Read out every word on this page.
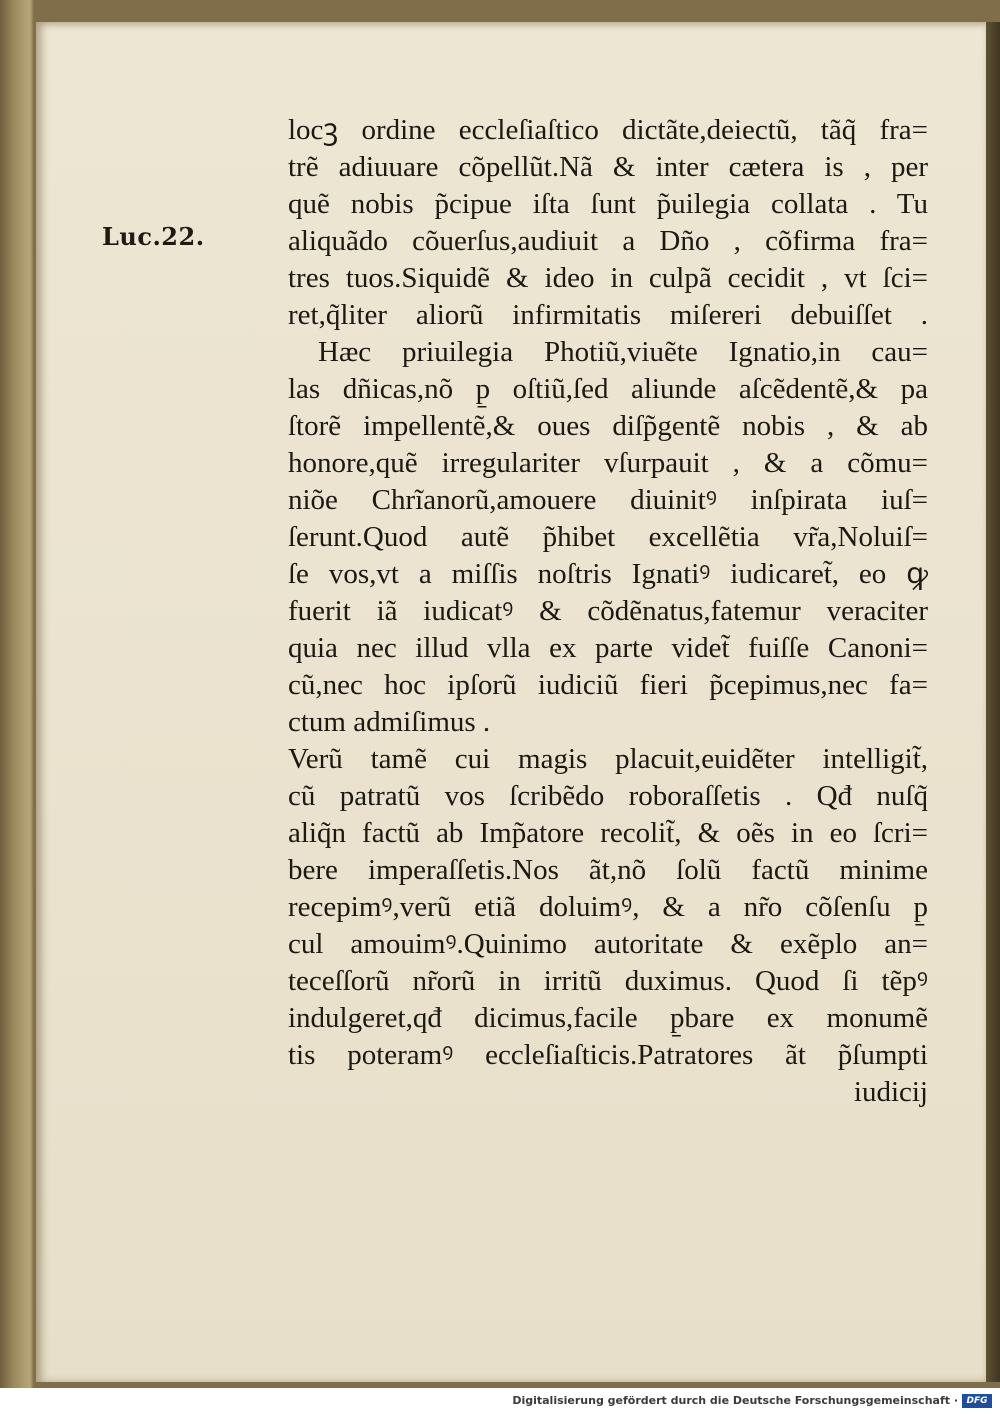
Luc.22.
locꝫ ordine eccleſiaſtico dictãte,deiectũ, tãq̃ fra=
trẽ adiuuare cõpellũt.Nã & inter cætera is , per
quẽ nobis p̃cipue iſta ſunt p̃uilegia collata . Tu
aliquãdo cõuerſus,audiuit a Dño , cõfirma fra=
tres tuos.Siquidẽ & ideo in culpã cecidit , vt ſci=
ret,q̃liter aliorũ infirmitatis miſereri debuiſſet .
Hæc priuilegia Photiũ,viuẽte Ignatio,in cau=
las dñicas,nõ p̱ oſtiũ,ſed aliunde aſcẽdentẽ,& pa
ſtorẽ impellentẽ,& oues diſp̃gentẽ nobis , & ab
honore,quẽ irregulariter vſurpauit , & a cõmu=
niõe Chrĩanorũ,amouere diuinitꝰ inſpirata iuſ=
ſerunt.Quod autẽ p̃hibet excellẽtia vr̃a,Noluiſ=
ſe vos,vt a miſſis noſtris Ignatiꝰ iudicaret̃, eo ꝙ
fuerit iã iudicatꝰ & cõdẽnatus,fatemur veraciter
quia nec illud vlla ex parte videt̃ fuiſſe Canoni=
cũ,nec hoc ipſorũ iudiciũ fieri p̃cepimus,nec fa=
ctum admiſimus .
Verũ tamẽ cui magis placuit,euidẽter intelligit̃,
cũ patratũ vos ſcribẽdo roboraſſetis . Qđ nuſq̃
aliq̃n factũ ab Imp̃atore recolit̃, & oẽs in eo ſcri=
bere imperaſſetis.Nos ãt,nõ ſolũ factũ minime
recepimꝰ,verũ etiã doluimꝰ, & a nr̃o cõſenſu p̱
cul amouimꝰ.Quinimo autoritate & exẽplo an=
teceſſorũ nr̃orũ in irritũ duximus. Quod ſi tẽpꝰ
indulgeret,qđ dicimus,facile p̱bare ex monumẽ
tis poteramꝰ eccleſiaſticis.Patratores ãt p̃ſumpti
iudicij
Digitalisierung gefördert durch die Deutsche Forschungsgemeinschaft · DFG
